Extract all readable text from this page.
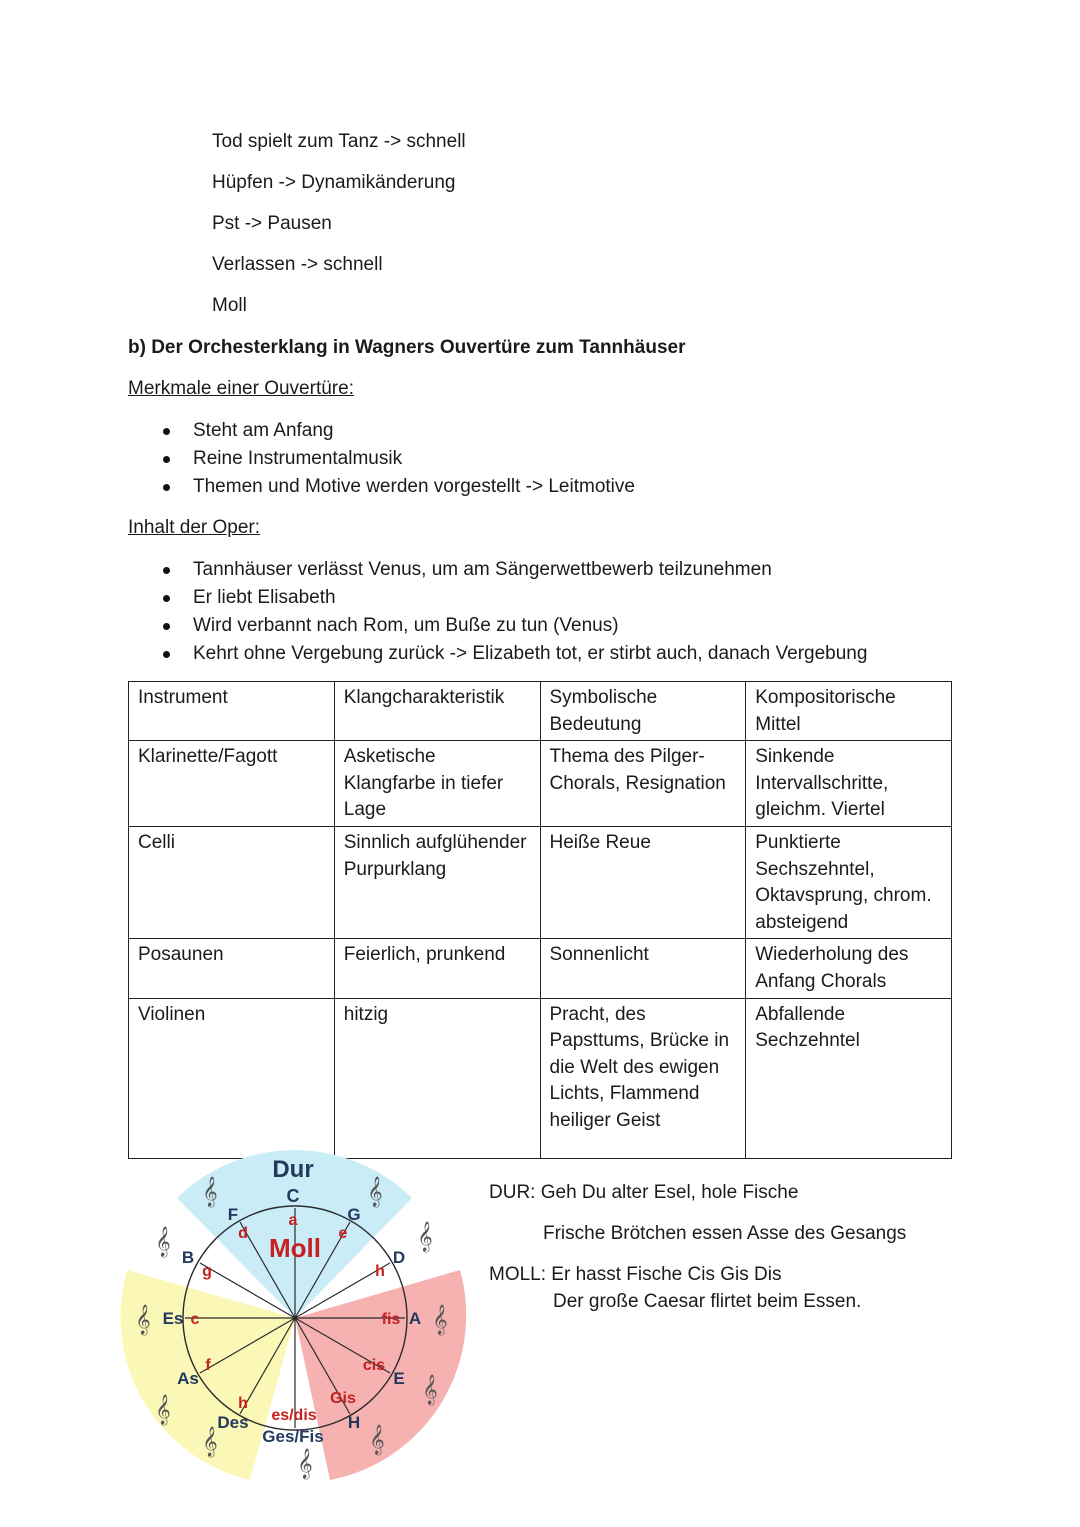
Tod spielt zum Tanz -> schnell
Hüpfen -> Dynamikänderung
Pst -> Pausen
Verlassen -> schnell
Moll
b) Der Orchesterklang in Wagners Ouvertüre zum Tannhäuser
Merkmale einer Ouvertüre:
Steht am Anfang
Reine Instrumentalmusik
Themen und Motive werden vorgestellt -> Leitmotive
Inhalt der Oper:
Tannhäuser verlässt Venus, um am Sängerwettbewerb teilzunehmen
Er liebt Elisabeth
Wird verbannt nach Rom, um Buße zu tun (Venus)
Kehrt ohne Vergebung zurück -> Elizabeth tot, er stirbt auch, danach Vergebung
Instrument	Klangcharakteristik	Symbolische Bedeutung	Kompositorische Mittel
Klarinette/Fagott	Asketische Klangfarbe in tiefer Lage	Thema des Pilger-Chorals, Resignation	Sinkende Intervallschritte, gleichm. Viertel
Celli	Sinnlich aufglühender Purpurklang	Heiße Reue	Punktierte Sechszehntel, Oktavsprung, chrom. absteigend
Posaunen	Feierlich, prunkend	Sonnenlicht	Wiederholung des Anfang Chorals
Violinen	hitzig	Pracht, des Papsttums, Brücke in die Welt des ewigen Lichts, Flammend heiliger Geist	Abfallende Sechzehntel
Dur
C
G
D
A
E
H
Ges/Fis
Des
As
Es
B
F
Moll
a
e
h
fis
cis
Gis
es/dis
h
f
c
g
d
𝄞	𝄞
𝄞
𝄞
𝄞
𝄞
𝄞
𝄞
𝄞
𝄞
𝄞
DUR: Geh Du alter Esel, hole Fische
Frische Brötchen essen Asse des Gesangs
MOLL: Er hasst Fische Cis Gis Dis
Der große Caesar flirtet beim Essen.
